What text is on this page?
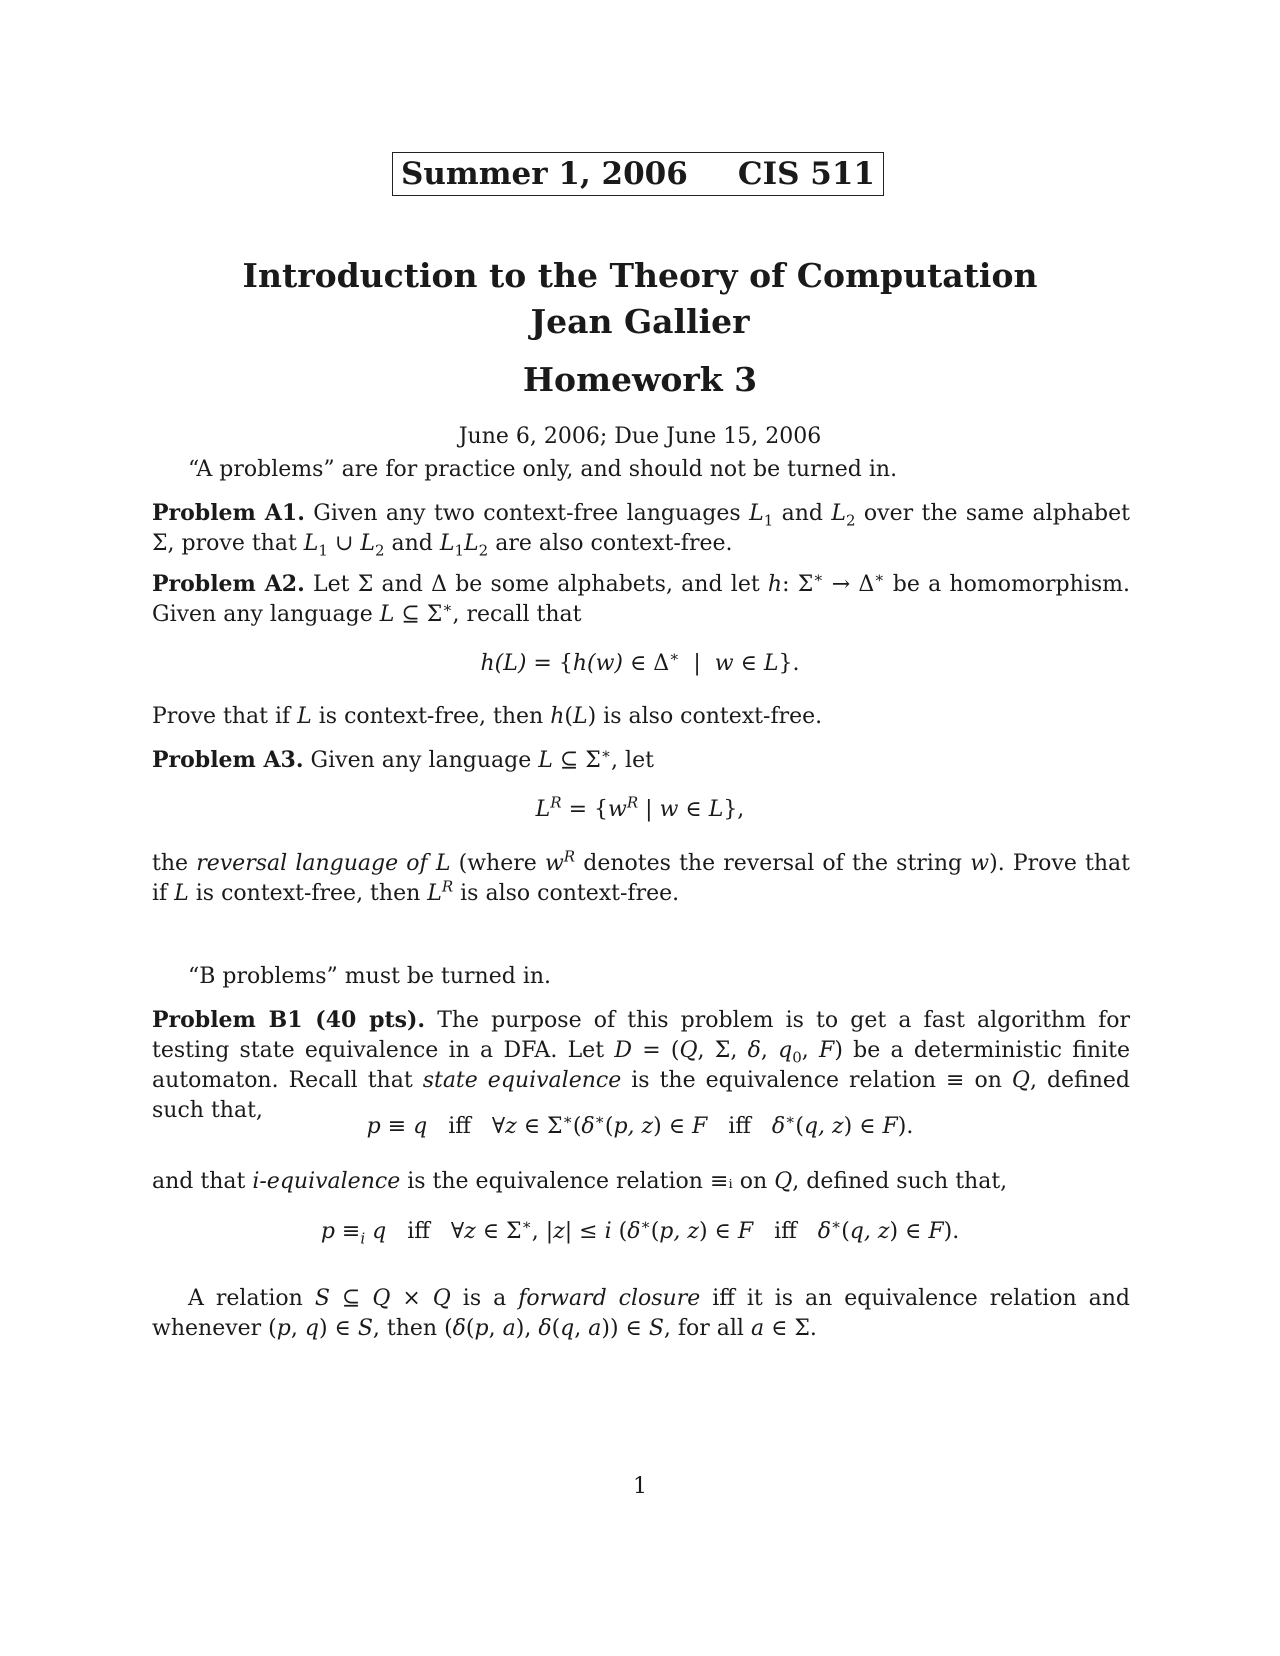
Summer 1, 2006 CIS 511
Introduction to the Theory of Computation
Jean Gallier
Homework 3
June 6, 2006; Due June 15, 2006

“A problems” are for practice only, and should not be turned in.

Problem A1. Given any two context-free languages $L_1$ and $L_2$ over the same alphabet Σ, prove that $L_1$ ∪ $L_2$ and $L_1L_2$ are also context-free.

Problem A2. Let Σ and Δ be some alphabets, and let h: Σ∗ → Δ∗ be a homomorphism. Given any language L ⊆ Σ∗, recall that

h(L) = {h(w) ∈ Δ∗  |  w ∈ L}.

Prove that if L is context-free, then h(L) is also context-free.

Problem A3. Given any language L ⊆ Σ∗, let

$L^R = \{w^R$ | w ∈ L},

the reversal language of L (where $w^R$ denotes the reversal of the string w). Prove that if L is context-free, then $L^R$ is also context-free.

“B problems” must be turned in.

Problem B1 (40 pts). The purpose of this problem is to get a fast algorithm for testing state equivalence in a DFA. Let D = (Q, Σ, δ, $q_0$, F) be a deterministic finite automaton. Recall that state equivalence is the equivalence relation ≡ on Q, defined such that,

p ≡ q   iff   ∀z ∈ Σ∗(δ∗(p, z) ∈ F   iff   δ∗(q, z) ∈ F).

and that i-equivalence is the equivalence relation ≡ᵢ on Q, defined such that,

$p \equiv_i$ q   iff   ∀z ∈ Σ∗, |z| ≤ i (δ∗(p, z) ∈ F   iff   δ∗(q, z) ∈ F).

A relation S ⊆ Q × Q is a forward closure iff it is an equivalence relation and whenever (p, q) ∈ S, then (δ(p, a), δ(q, a)) ∈ S, for all a ∈ Σ.

1
